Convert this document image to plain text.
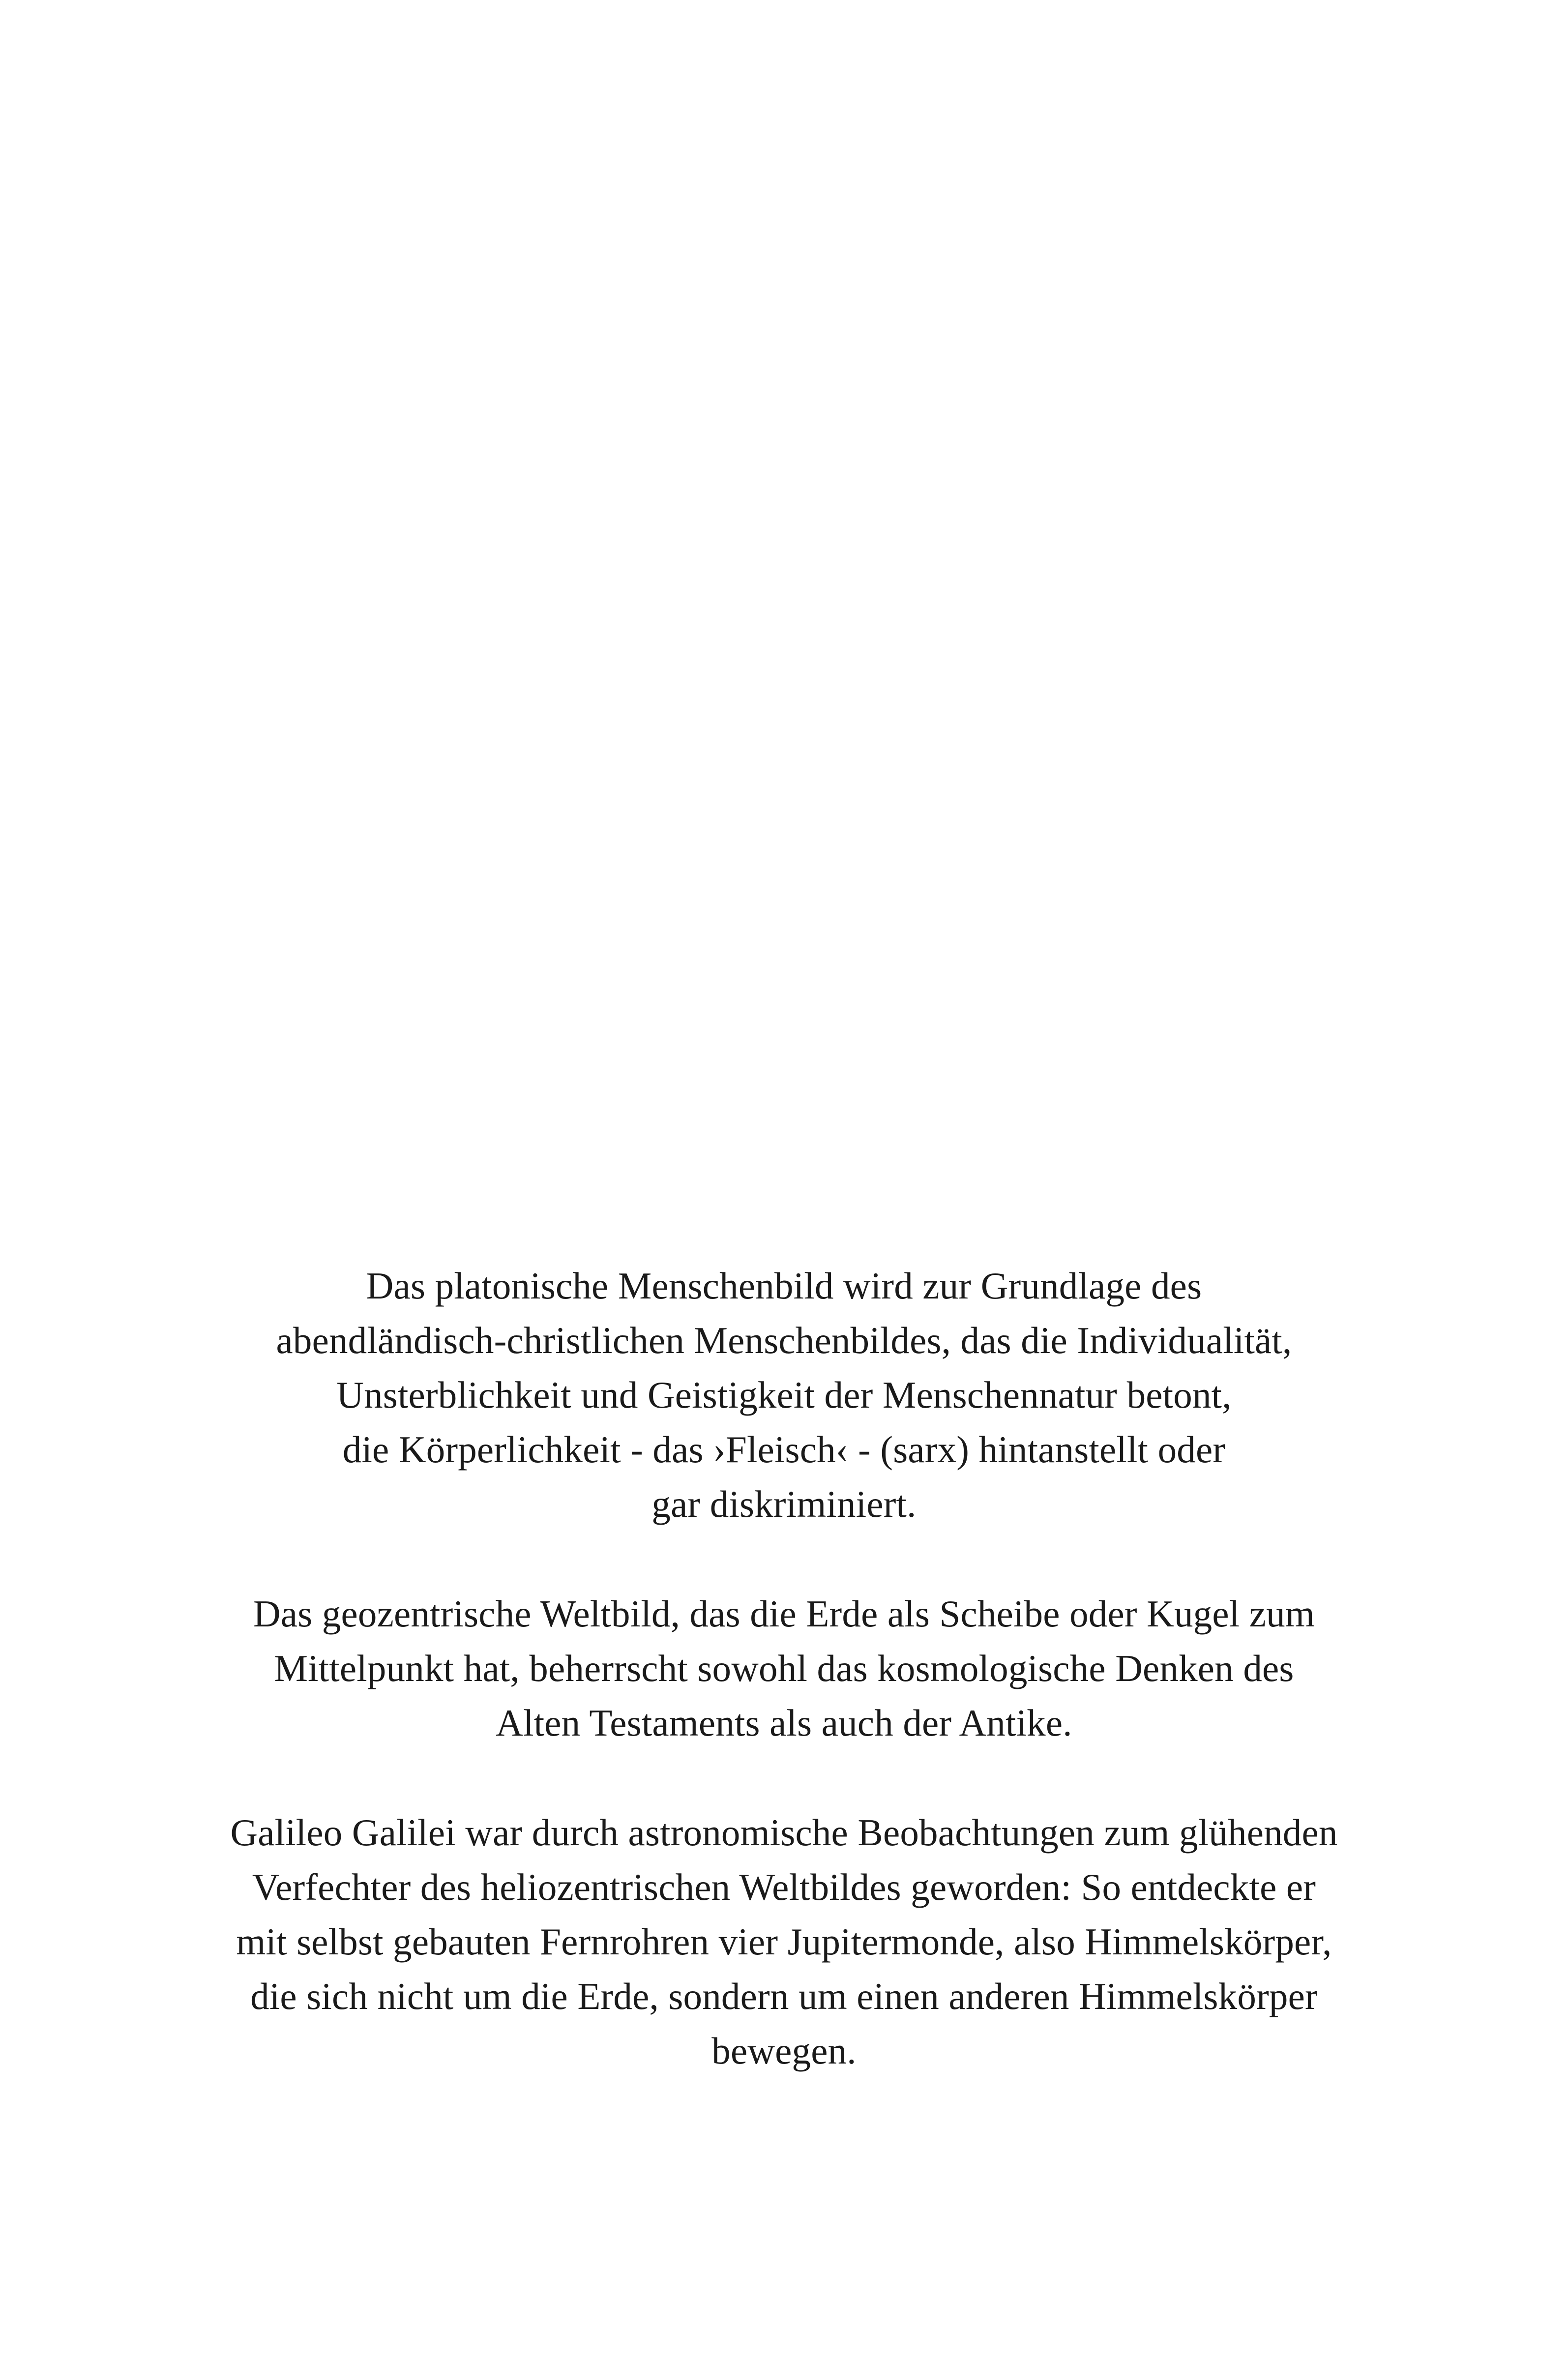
Das platonische Menschenbild wird zur Grundlage des
abendländisch-christlichen Menschenbildes, das die Individualität,
Unsterblichkeit und Geistigkeit der Menschennatur betont,
die Körperlichkeit - das ›Fleisch‹ - (sarx) hintanstellt oder
gar diskriminiert.
Das geozentrische Weltbild, das die Erde als Scheibe oder Kugel zum
Mittelpunkt hat, beherrscht sowohl das kosmologische Denken des
Alten Testaments als auch der Antike.
Galileo Galilei war durch astronomische Beobachtungen zum glühenden
Verfechter des heliozentrischen Weltbildes geworden: So entdeckte er
mit selbst gebauten Fernrohren vier Jupitermonde, also Himmelskörper,
die sich nicht um die Erde, sondern um einen anderen Himmelskörper
bewegen.
